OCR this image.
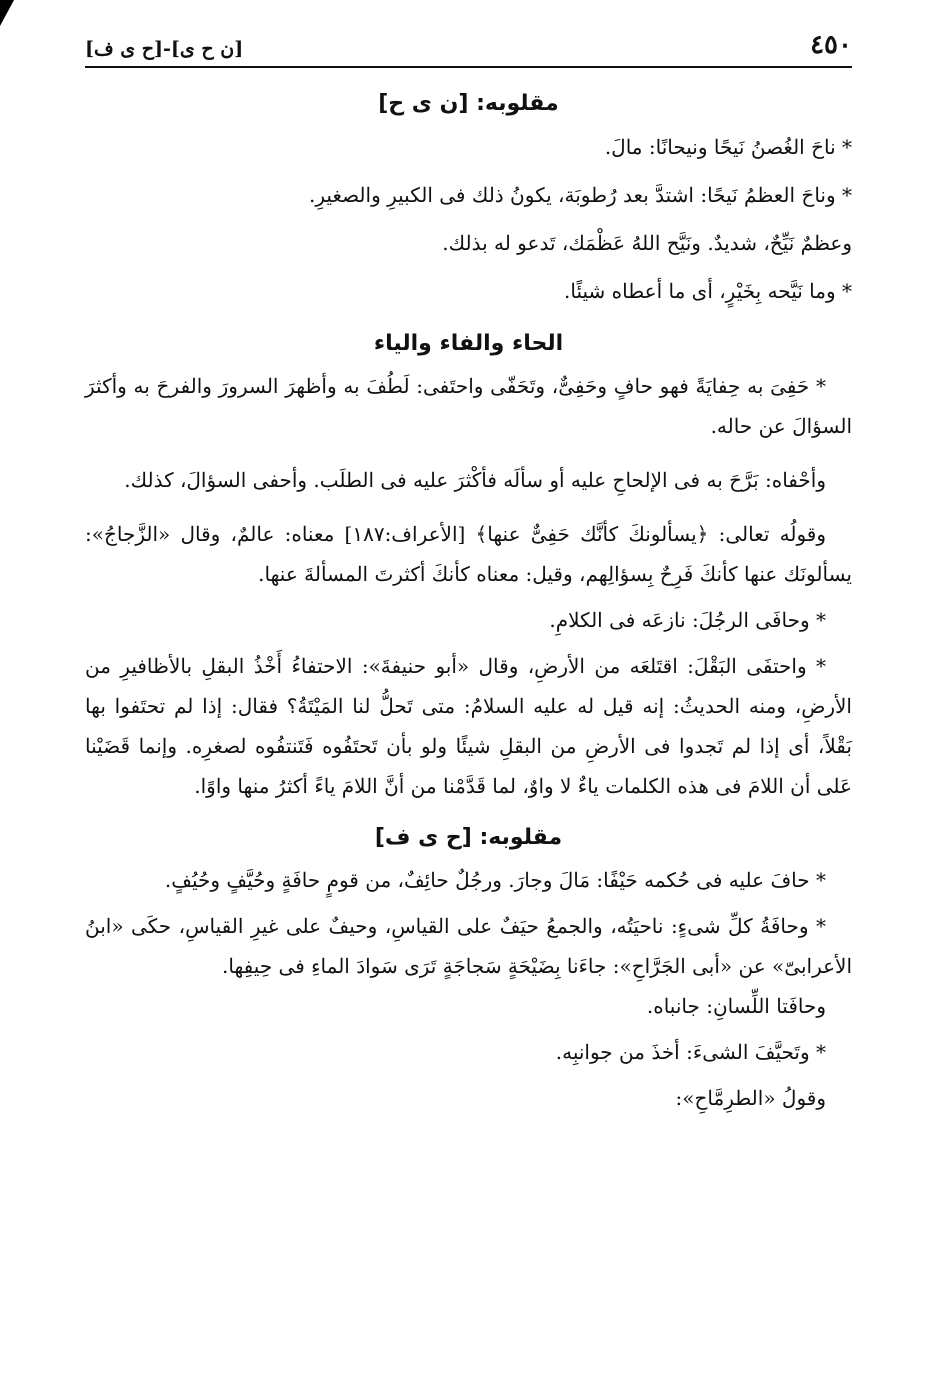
٤٥٠
[ن ح ى]-[ح ى ف]
مقلوبه: [ن ى ح]

* ناحَ الغُصنُ نَيحًا ونيحانًا: مالَ.

* وناحَ العظمُ نَيحًا: اشتدَّ بعد رُطوبَة، يكونُ ذلك فى الكبيرِ والصغيرِ.

وعظمٌ نَيِّحٌ، شديدٌ. ونَيَّح اللهُ عَظْمَك، تَدعو له بذلك.

* وما نَيَّحه بِخَيْرٍ، أى ما أعطاه شيئًا.

الحاء والفاء والياء

* حَفِىَ به حِفايَةً فهو حافٍ وحَفِىٌّ، وتَحَفّى واحتَفى: لَطُفَ به وأظهرَ السرورَ والفرحَ به وأكثرَ السؤالَ عن حاله.

وأحْفاه: بَرَّحَ به فى الإلحاحِ عليه أو سألَه فأكْثرَ عليه فى الطلَب. وأحفى السؤالَ، كذلك.

وقولُه تعالى: ﴿يسألونكَ كأنَّك حَفِىٌّ عنها﴾ [الأعراف:١٨٧] معناه: عالمٌ، وقال «الزَّجاجُ»: يسألونَك عنها كأنكَ فَرِحٌ بِسؤالِهم، وقيل: معناه كأنكَ أكثرتَ المسألةَ عنها.

* وحافَى الرجُلَ: نازعَه فى الكلامِ.

* واحتفَى البَقْلَ: اقتَلعَه من الأرضِ، وقال «أبو حنيفةَ»: الاحتفاءُ أَخْذُ البقلِ بالأظافيرِ من الأرضِ، ومنه الحديثُ: إنه قيل له عليه السلامُ: متى تَحلُّ لنا المَيْتَةُ؟ فقال: إذا لم تحتَفوا بها بَقْلاً، أى إذا لم تَجدوا فى الأرضِ من البقلِ شيئًا ولو بأن تَحتَفُوه فَتَنتفُوه لصغرِه. وإنما قَضَيْنا عَلى أن اللامَ فى هذه الكلمات ياءٌ لا واوٌ، لما قَدَّمْنا من أنَّ اللامَ ياءً أكثرُ منها واوًا.

مقلوبه: [ح ى ف]

* حافَ عليه فى حُكمه حَيْفًا: مَالَ وجارَ. ورجُلٌ حائِفٌ، من قومٍ حافَةٍ وحُيَّفٍ وحُيُفٍ.

* وحافَةُ كلِّ شىءٍ: ناحيَتُه، والجمعُ حيَفٌ على القياسِ، وحيفٌ على غيرِ القياسِ، حكَى «ابنُ الأعرابىّ» عن «أبى الجَرَّاحِ»: جاءَنا بِضَيْحَةٍ سَجاجَةٍ تَرَى سَوادَ الماءِ فى حِيفِها.

وحافَتا اللِّسانِ: جانباه.

* وتَحيَّفَ الشىءَ: أخذَ من جوانبِه.

وقولُ «الطرِمَّاحِ»:
